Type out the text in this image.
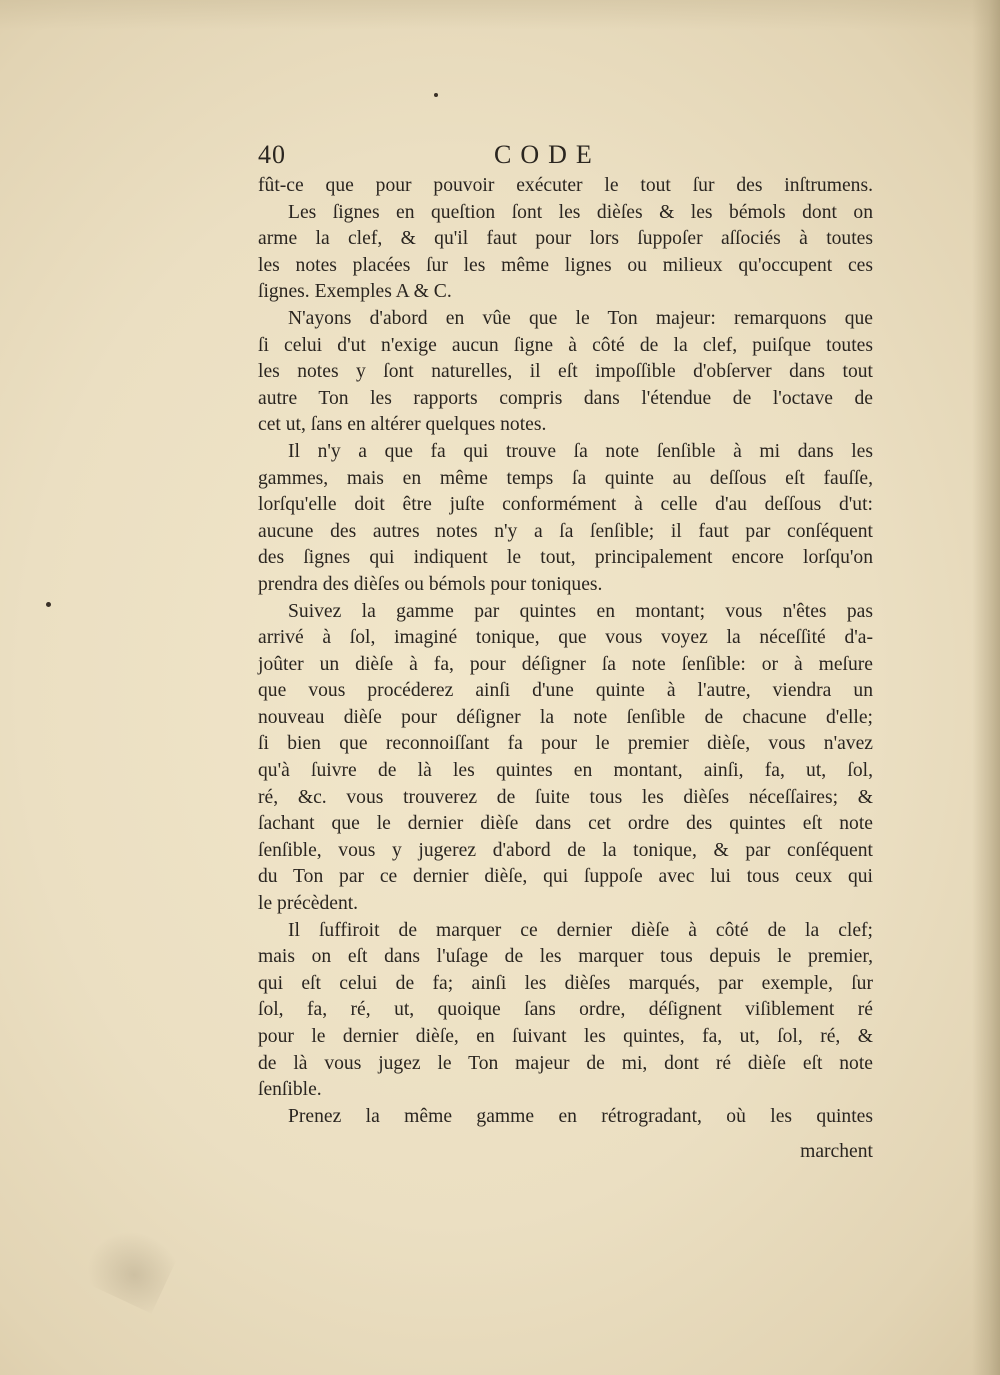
40	CODE

fût-ce que pour pouvoir exécuter le tout ſur des inſtrumens.

Les ſignes en queſtion ſont les dièſes & les bémols dont on

arme la clef, & qu'il faut pour lors ſuppoſer aſſociés à toutes

les notes placées ſur les même lignes ou milieux qu'occupent ces

ſignes. Exemples A & C.

N'ayons d'abord en vûe que le Ton majeur: remarquons que

ſi celui d'ut n'exige aucun ſigne à côté de la clef, puiſque toutes

les notes y ſont naturelles, il eſt impoſſible d'obſerver dans tout

autre Ton les rapports compris dans l'étendue de l'octave de

cet ut, ſans en altérer quelques notes.

Il n'y a que fa qui trouve ſa note ſenſible à mi dans les

gammes, mais en même temps ſa quinte au deſſous eſt fauſſe,

lorſqu'elle doit être juſte conformément à celle d'au deſſous d'ut:

aucune des autres notes n'y a ſa ſenſible; il faut par conſéquent

des ſignes qui indiquent le tout, principalement encore lorſqu'on

prendra des dièſes ou bémols pour toniques.

Suivez la gamme par quintes en montant; vous n'êtes pas

arrivé à ſol, imaginé tonique, que vous voyez la néceſſité d'a-

joûter un dièſe à fa, pour déſigner ſa note ſenſible: or à meſure

que vous procéderez ainſi d'une quinte à l'autre, viendra un

nouveau dièſe pour déſigner la note ſenſible de chacune d'elle;

ſi bien que reconnoiſſant fa pour le premier dièſe, vous n'avez

qu'à ſuivre de là les quintes en montant, ainſi, fa, ut, ſol,

ré, &c. vous trouverez de ſuite tous les dièſes néceſſaires; &

ſachant que le dernier dièſe dans cet ordre des quintes eſt note

ſenſible, vous y jugerez d'abord de la tonique, & par conſéquent

du Ton par ce dernier dièſe, qui ſuppoſe avec lui tous ceux qui

le précèdent.

Il ſuffiroit de marquer ce dernier dièſe à côté de la clef;

mais on eſt dans l'uſage de les marquer tous depuis le premier,

qui eſt celui de fa; ainſi les dièſes marqués, par exemple, ſur

ſol, fa, ré, ut, quoique ſans ordre, déſignent viſiblement ré

pour le dernier dièſe, en ſuivant les quintes, fa, ut, ſol, ré, &

de là vous jugez le Ton majeur de mi, dont ré dièſe eſt note

ſenſible.

Prenez la même gamme en rétrogradant, où les quintes

marchent
